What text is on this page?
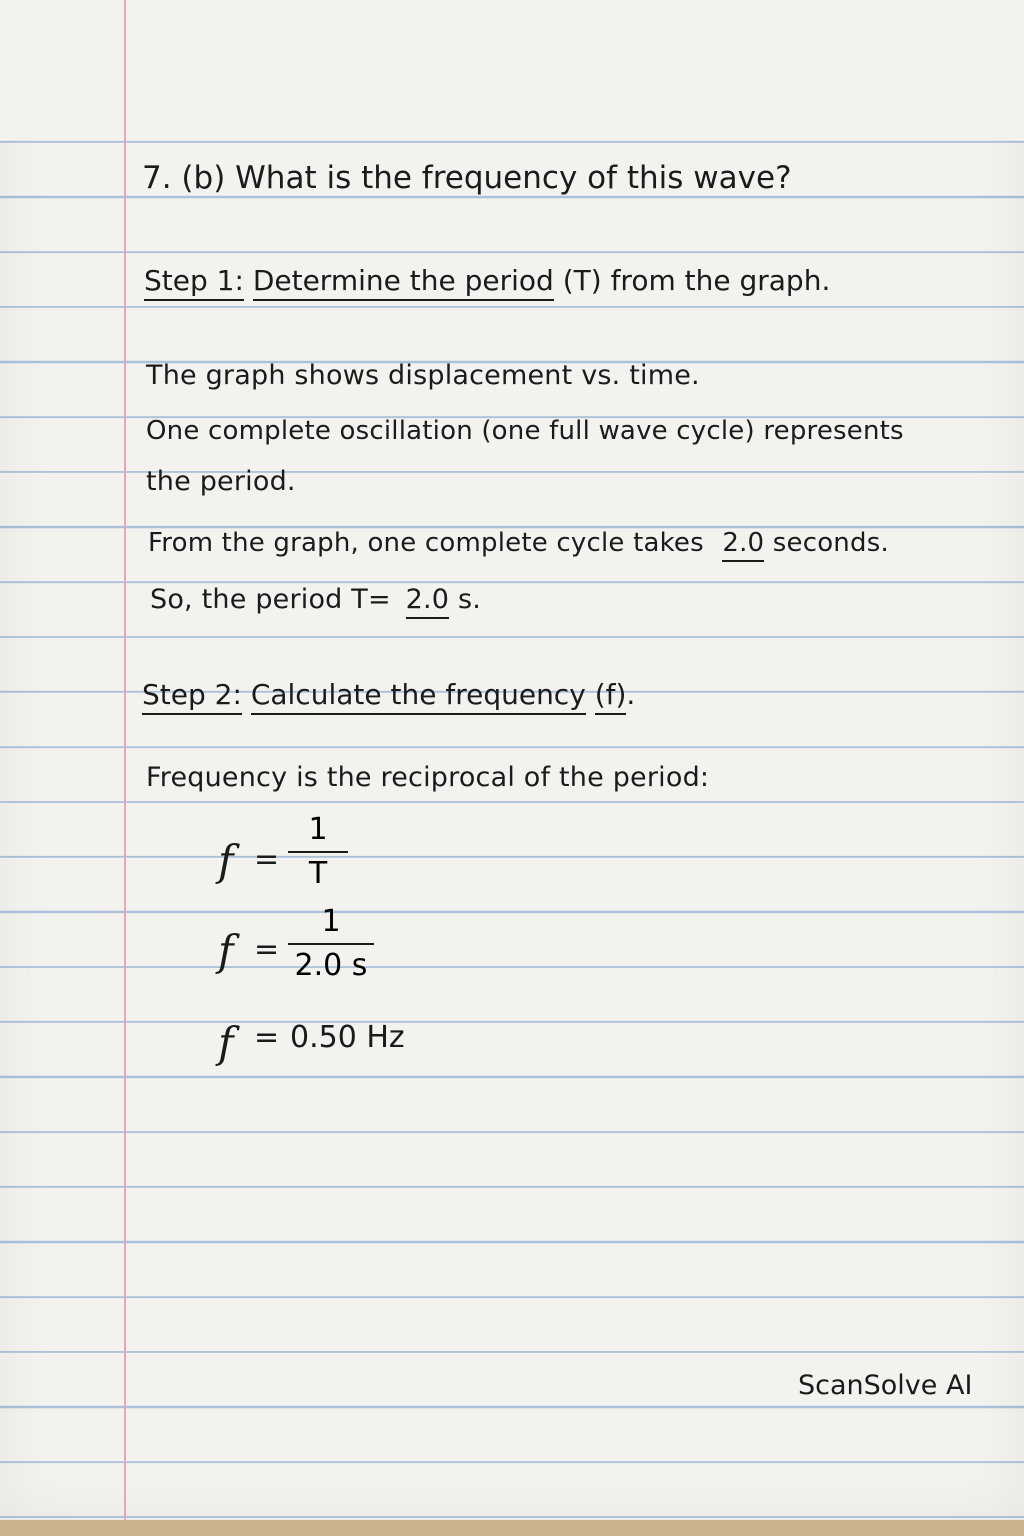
7. (b) What is the frequency of this wave?
Step 1: Determine the period (T) from the graph.
The graph shows displacement vs. time.
One complete oscillation (one full wave cycle) represents
the period.
From the graph, one complete cycle takes 2.0 seconds.
So, the period T= 2.0 s.
Step 2: Calculate the frequency (f).
Frequency is the reciprocal of the period:
f =
1
T
f =
1
2.0 s
f = 0.50 Hz
ScanSolve AI
